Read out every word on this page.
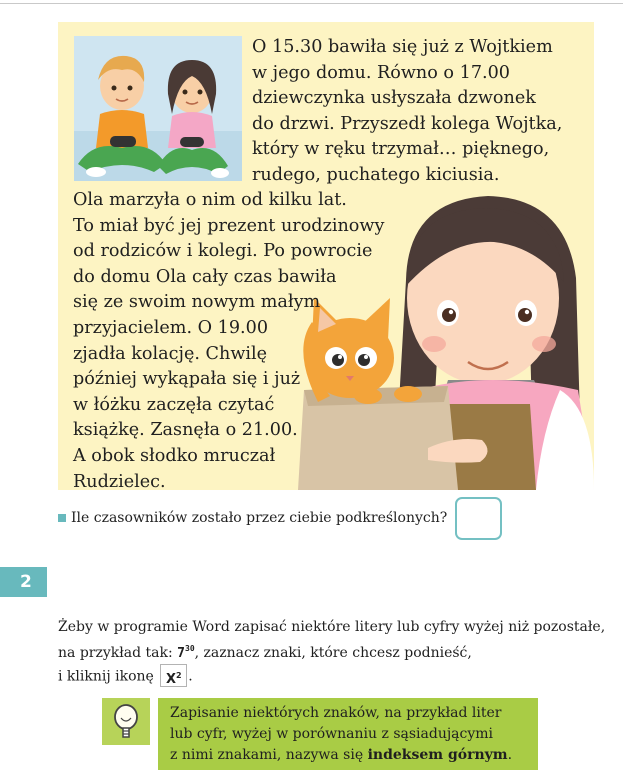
O 15.30 bawiła się już z Wojtkiem

w jego domu. Równo o 17.00

dziewczynka usłyszała dzwonek

do drzwi. Przyszedł kolega Wojtka,

który w ręku trzymał… pięknego,

rudego, puchatego kiciusia.

Ola marzyła o nim od kilku lat.

To miał być jej prezent urodzinowy

od rodziców i kolegi. Po powrocie

do domu Ola cały czas bawiła

się ze swoim nowym małym

przyjacielem. O 19.00

zjadła kolację. Chwilę

później wykąpała się i już

w łóżku zaczęła czytać

książkę. Zasnęła o 21.00.

A obok słodko mruczał

Rudzielec.

Ile czasowników zostało przez ciebie podkreślonych?
2

Żeby w programie Word zapisać niektóre litery lub cyfry wyżej niż pozostałe,

na przykład tak: $7^{30}$, zaznacz znaki, które chcesz podnieść,

i kliknij ikonę $X^2$ .

Zapisanie niektórych znaków, na przykład liter

lub cyfr, wyżej w porównaniu z sąsiadującymi

z nimi znakami, nazywa się indeksem górnym.
